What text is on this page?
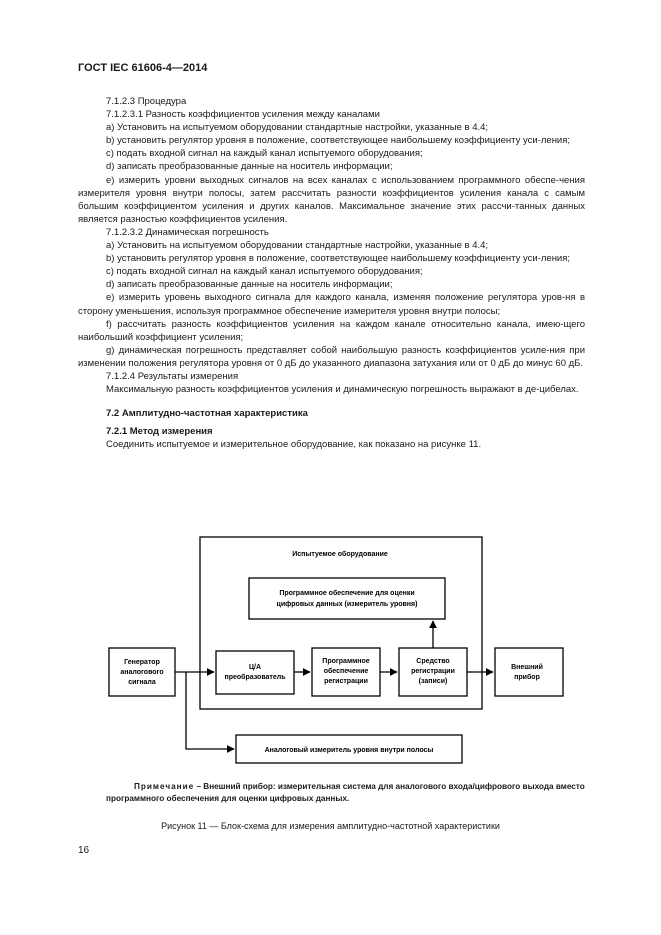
ГОСТ IEC 61606-4—2014

7.1.2.3 Процедура

7.1.2.3.1 Разность коэффициентов усиления между каналами

а) Установить на испытуемом оборудовании стандартные настройки, указанные в 4.4;

b) установить регулятор уровня в положение, соответствующее наибольшему коэффициенту уси-ления;

с) подать входной сигнал на каждый канал испытуемого оборудования;

d) записать преобразованные данные на носитель информации;

е) измерить уровни выходных сигналов на всех каналах с использованием программного обеспе-чения измерителя уровня внутри полосы, затем рассчитать разности коэффициентов усиления канала с самым большим коэффициентом усиления и других каналов. Максимальное значение этих рассчи-танных данных является разностью коэффициентов усиления.

7.1.2.3.2 Динамическая погрешность

а) Установить на испытуемом оборудовании стандартные настройки, указанные в 4.4;

b) установить регулятор уровня в положение, соответствующее наибольшему коэффициенту уси-ления;

с) подать входной сигнал на каждый канал испытуемого оборудования;

d) записать преобразованные данные на носитель информации;

е) измерить уровень выходного сигнала для каждого канала, изменяя положение регулятора уров-ня в сторону уменьшения, используя программное обеспечение измерителя уровня внутри полосы;

f) рассчитать разность коэффициентов усиления на каждом канале относительно канала, имею-щего наибольший коэффициент усиления;

g) динамическая погрешность представляет собой наибольшую разность коэффициентов усиле-ния при изменении положения регулятора уровня от 0 дБ до указанного диапазона затухания или от 0 дБ до минус 60 дБ.

7.1.2.4 Результаты измерения

Максимальную разность коэффициентов усиления и динамическую погрешность выражают в де-цибелах.

7.2 Амплитудно-частотная характеристика

7.2.1 Метод измерения

Соединить испытуемое и измерительное оборудование, как показано на рисунке 11.

Испытуемое оборудование
Программное обеспечение для оценки
цифровых данных (измеритель уровня)
Генератор
аналогового
сигнала
Ц/А
преобразователь
Программное
обеспечение
регистрации
Средство
регистрации
(записи)
Внешний
прибор
Аналоговый измеритель уровня внутри полосы
Примечание – Внешний прибор: измерительная система для аналогового входа/цифрового выхода вместо программного обеспечения для оценки цифровых данных.
Рисунок 11 — Блок-схема для измерения амплитудно-частотной характеристики
16
